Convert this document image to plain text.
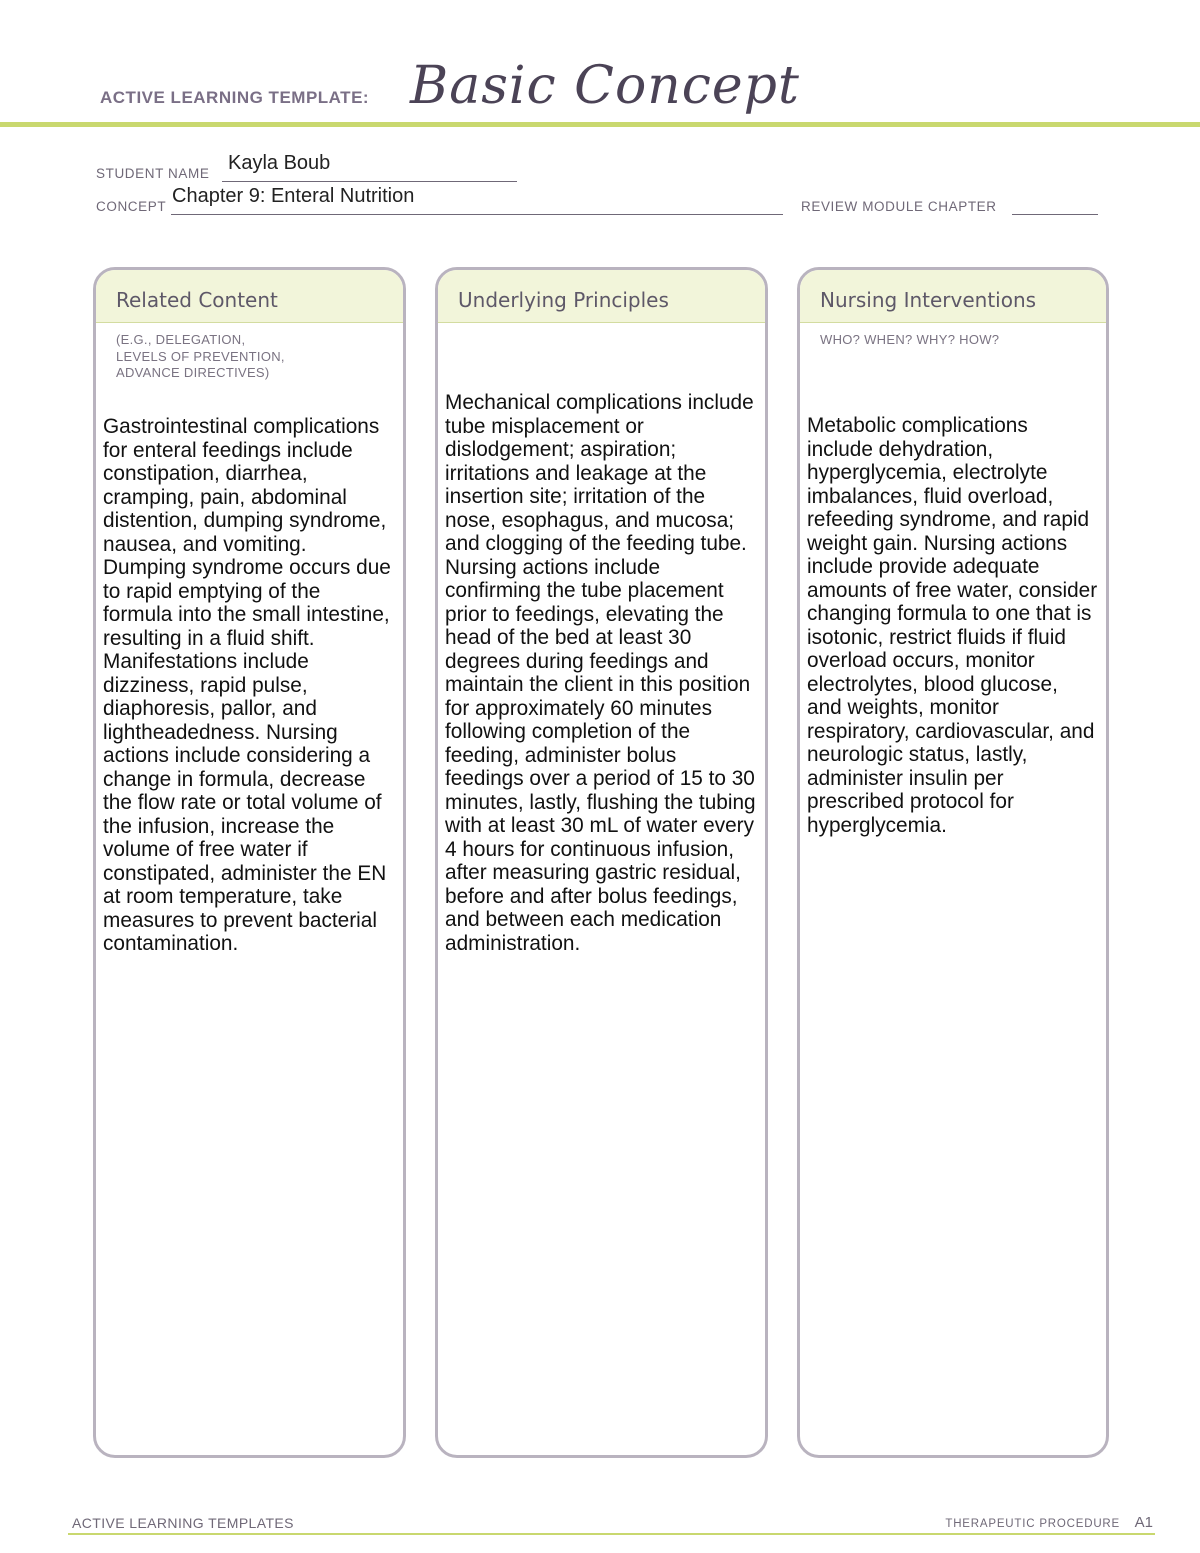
ACTIVE LEARNING TEMPLATE: Basic Concept
STUDENT NAME Kayla Boub
CONCEPT Chapter 9: Enteral Nutrition	REVIEW MODULE CHAPTER
Related Content
(E.G., DELEGATION,
LEVELS OF PREVENTION,
ADVANCE DIRECTIVES)
Gastrointestinal complications for enteral feedings include constipation, diarrhea, cramping, pain, abdominal distention, dumping syndrome, nausea, and vomiting. Dumping syndrome occurs due to rapid emptying of the formula into the small intestine, resulting in a fluid shift. Manifestations include dizziness, rapid pulse, diaphoresis, pallor, and lightheadedness. Nursing actions include considering a change in formula, decrease the flow rate or total volume of the infusion, increase the volume of free water if constipated, administer the EN at room temperature, take measures to prevent bacterial contamination.
Underlying Principles
Mechanical complications include tube misplacement or dislodgement; aspiration; irritations and leakage at the insertion site; irritation of the nose, esophagus, and mucosa; and clogging of the feeding tube. Nursing actions include confirming the tube placement prior to feedings, elevating the head of the bed at least 30 degrees during feedings and maintain the client in this position for approximately 60 minutes following completion of the feeding, administer bolus feedings over a period of 15 to 30 minutes, lastly, flushing the tubing with at least 30 mL of water every 4 hours for continuous infusion, after measuring gastric residual, before and after bolus feedings, and between each medication administration.
Nursing Interventions
WHO? WHEN? WHY? HOW?
Metabolic complications include dehydration, hyperglycemia, electrolyte imbalances, fluid overload, refeeding syndrome, and rapid weight gain. Nursing actions include provide adequate amounts of free water, consider changing formula to one that is isotonic, restrict fluids if fluid overload occurs, monitor electrolytes, blood glucose, and weights, monitor respiratory, cardiovascular, and neurologic status, lastly, administer insulin per prescribed protocol for hyperglycemia.
ACTIVE LEARNING TEMPLATES	THERAPEUTIC PROCEDURE A1
